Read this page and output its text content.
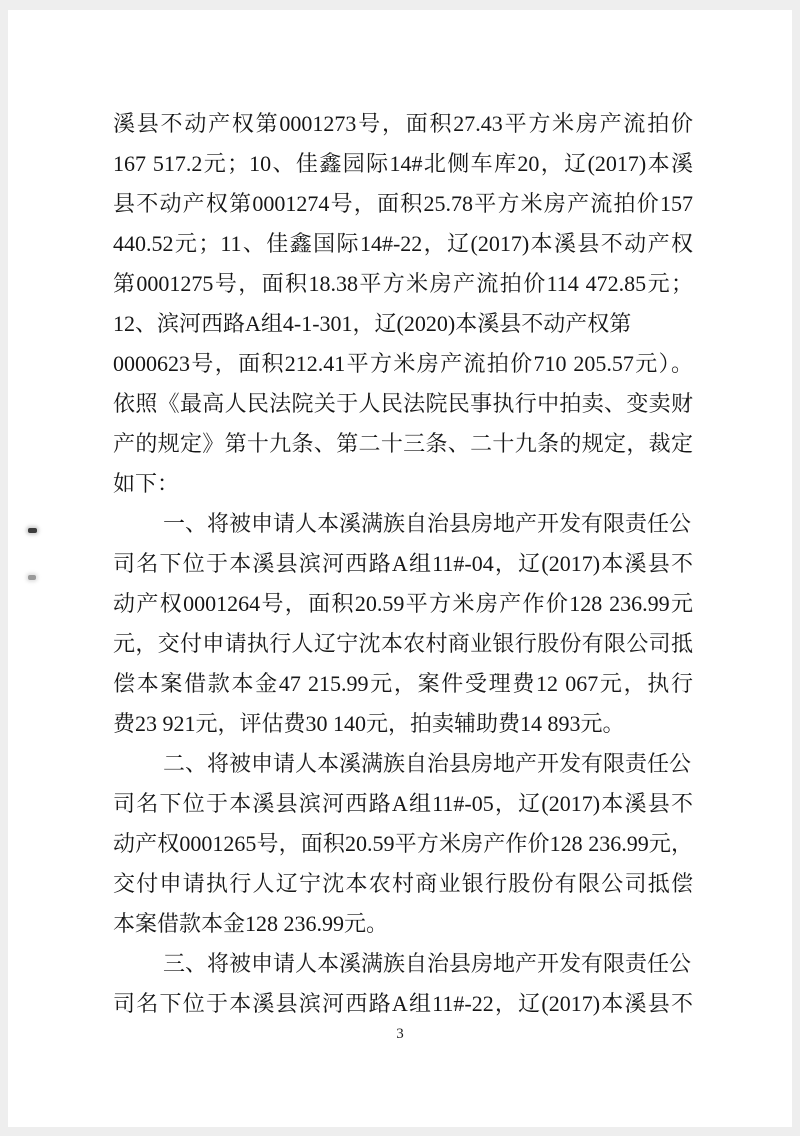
溪县不动产权第0001273号，面积27.43平方米房产流拍价
167 517.2元；10、佳鑫园际14#北侧车库20，辽(2017)本溪
县不动产权第0001274号，面积25.78平方米房产流拍价157
440.52元；11、佳鑫国际14#-22，辽(2017)本溪县不动产权
第0001275号，面积18.38平方米房产流拍价114 472.85元；
12、滨河西路A组4-1-301，辽(2020)本溪县不动产权第
0000623号，面积212.41平方米房产流拍价710 205.57元）。
依照《最高人民法院关于人民法院民事执行中拍卖、变卖财
产的规定》第十九条、第二十三条、二十九条的规定，裁定
如下：
一、将被申请人本溪满族自治县房地产开发有限责任公
司名下位于本溪县滨河西路A组11#-04，辽(2017)本溪县不
动产权0001264号，面积20.59平方米房产作价128 236.99元
元，交付申请执行人辽宁沈本农村商业银行股份有限公司抵
偿本案借款本金47 215.99元，案件受理费12 067元，执行
费23 921元，评估费30 140元，拍卖辅助费14 893元。
二、将被申请人本溪满族自治县房地产开发有限责任公
司名下位于本溪县滨河西路A组11#-05，辽(2017)本溪县不
动产权0001265号，面积20.59平方米房产作价128 236.99元，
交付申请执行人辽宁沈本农村商业银行股份有限公司抵偿
本案借款本金128 236.99元。
三、将被申请人本溪满族自治县房地产开发有限责任公
司名下位于本溪县滨河西路A组11#-22，辽(2017)本溪县不
3
